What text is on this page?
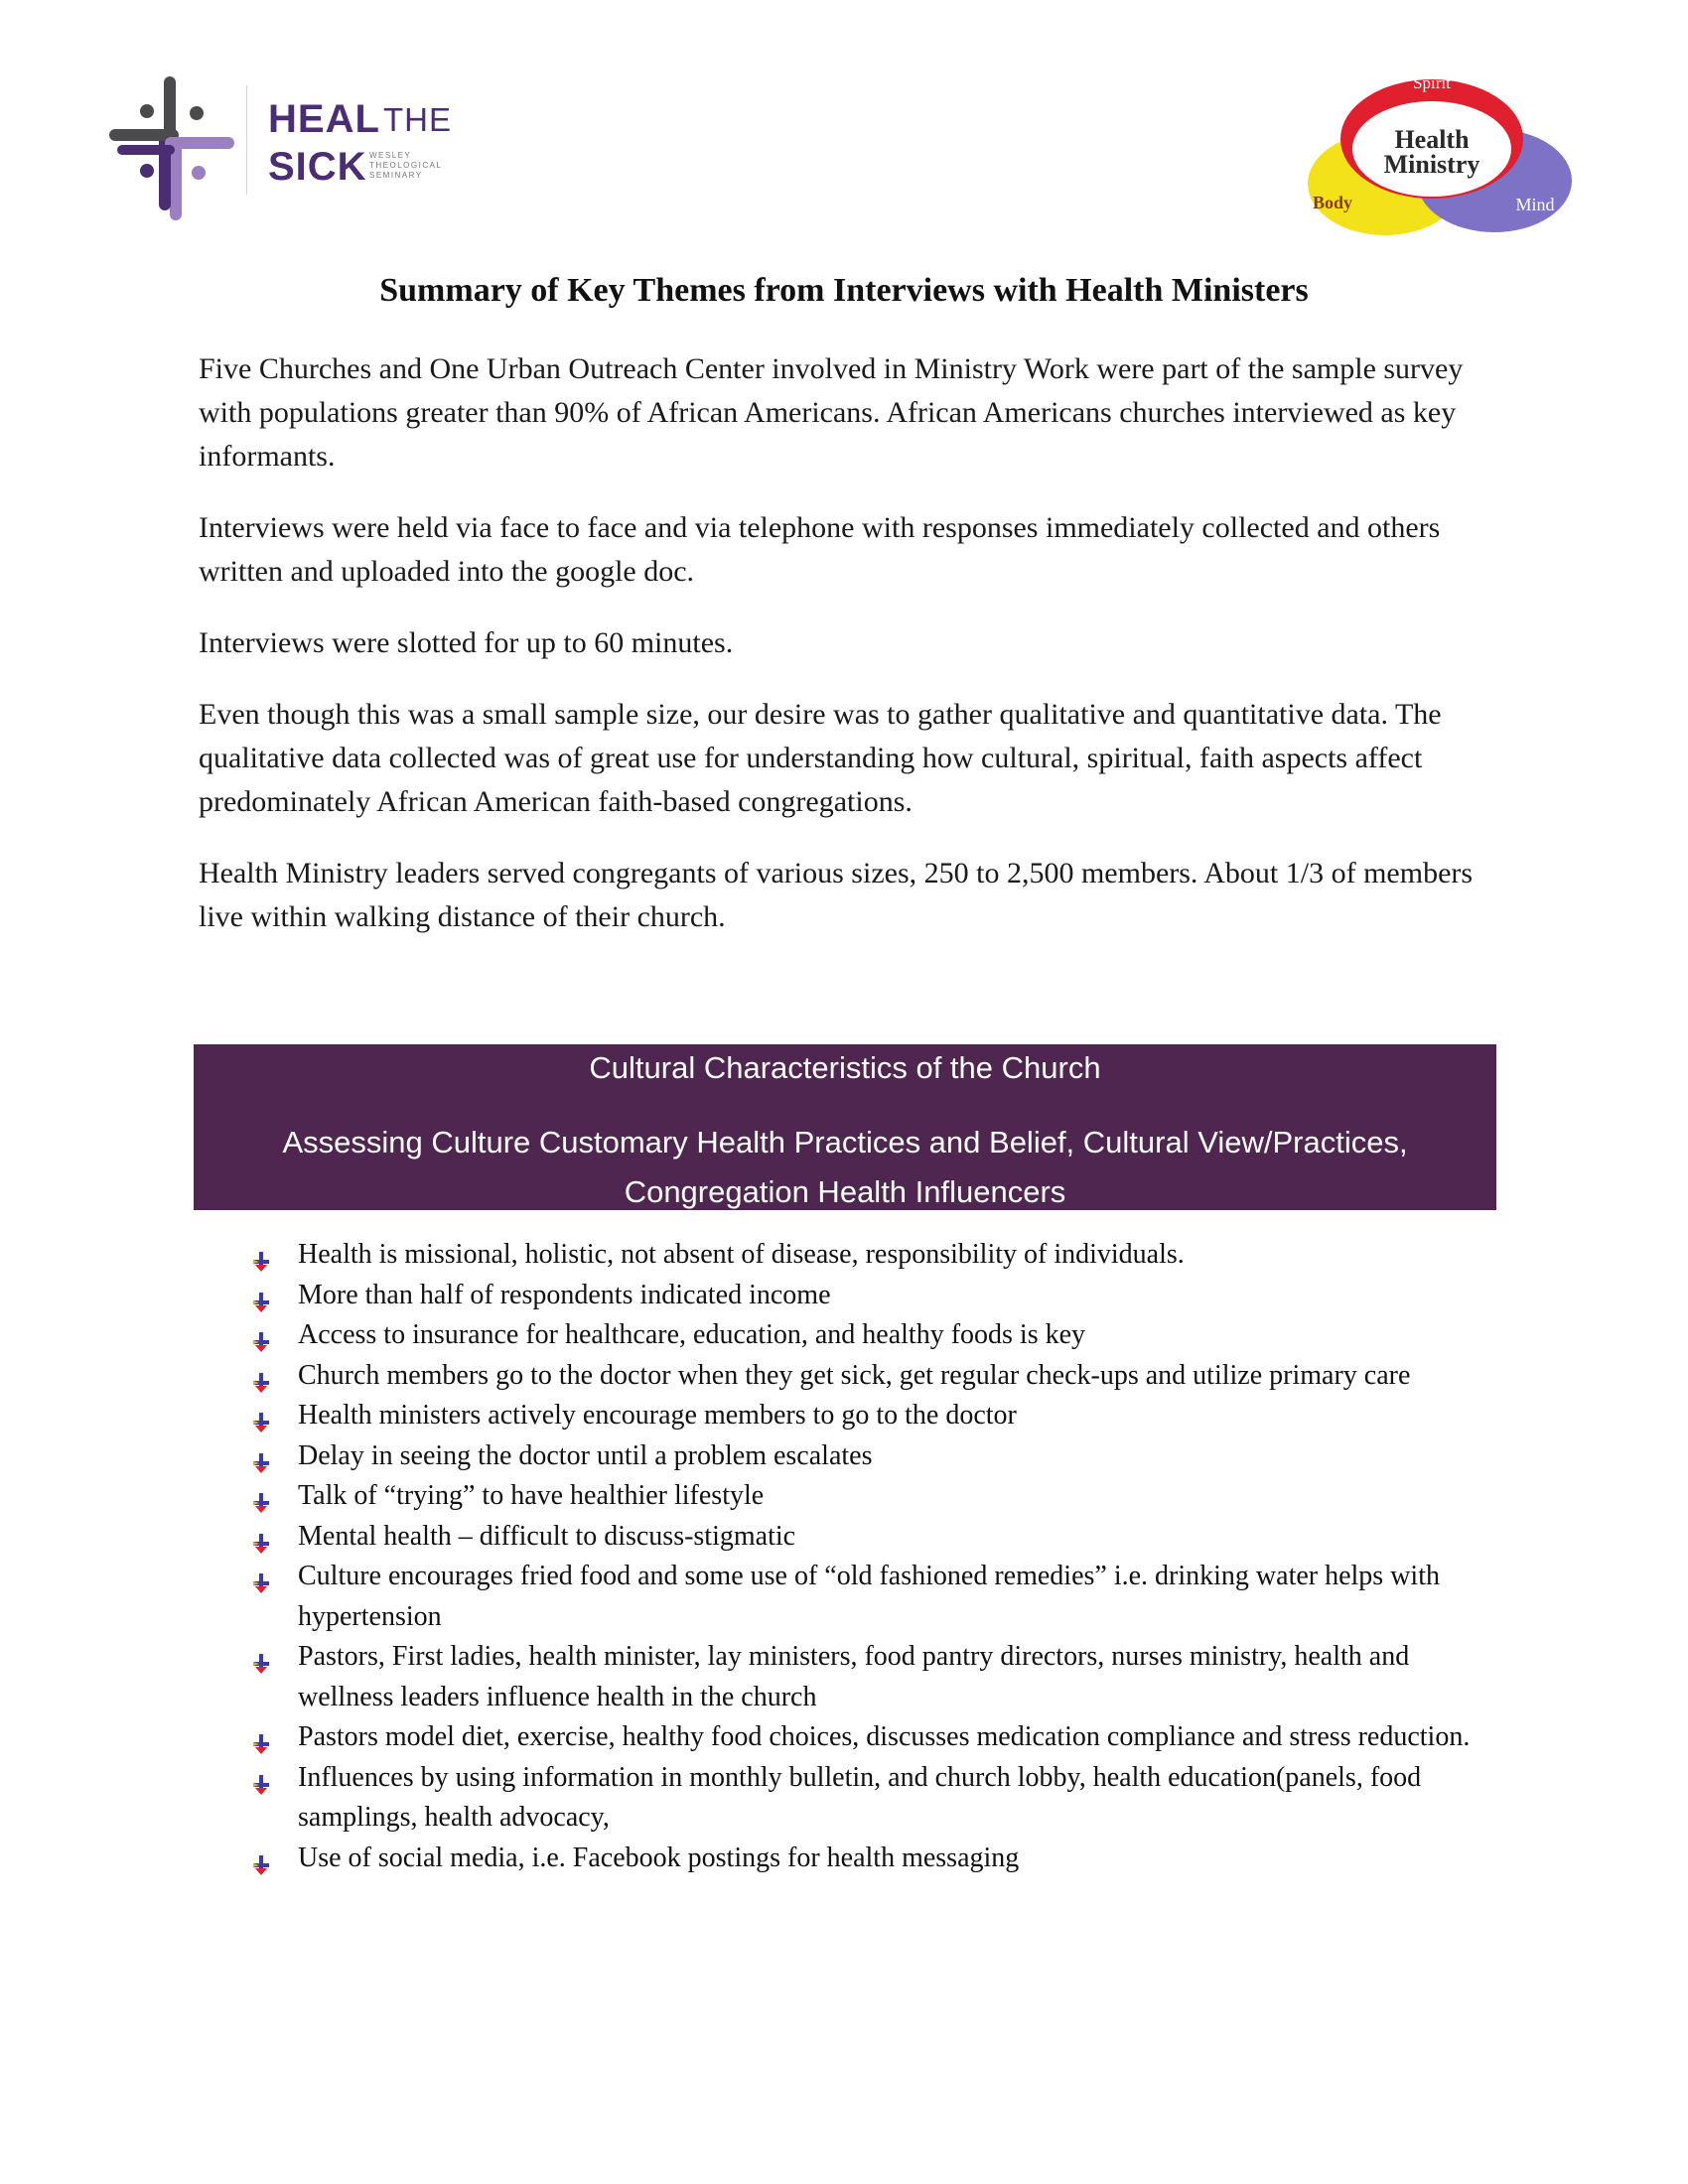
HEAL THE
SICK WESLEY THEOLOGICAL SEMINARY
Spirit
Health
Ministry
Body	Mind
Summary of Key Themes from Interviews with Health Ministers

Five Churches and One Urban Outreach Center involved in Ministry Work were part of the sample survey with populations greater than 90% of African Americans. African Americans churches interviewed as key informants.

Interviews were held via face to face and via telephone with responses immediately collected and others written and uploaded into the google doc.

Interviews were slotted for up to 60 minutes.

Even though this was a small sample size, our desire was to gather qualitative and quantitative data. The qualitative data collected was of great use for understanding how cultural, spiritual, faith aspects affect predominately African American faith-based congregations.

Health Ministry leaders served congregants of various sizes, 250 to 2,500 members. About 1/3 of members live within walking distance of their church.

Cultural Characteristics of the Church
Assessing Culture Customary Health Practices and Belief, Cultural View/Practices, Congregation Health Influencers
Health is missional, holistic, not absent of disease, responsibility of individuals.
More than half of respondents indicated income
Access to insurance for healthcare, education, and healthy foods is key
Church members go to the doctor when they get sick, get regular check-ups and utilize primary care
Health ministers actively encourage members to go to the doctor
Delay in seeing the doctor until a problem escalates
Talk of “trying” to have healthier lifestyle
Mental health – difficult to discuss-stigmatic
Culture encourages fried food and some use of “old fashioned remedies” i.e. drinking water helps with hypertension
Pastors, First ladies, health minister, lay ministers, food pantry directors, nurses ministry, health and wellness leaders influence health in the church
Pastors model diet, exercise, healthy food choices, discusses medication compliance and stress reduction.
Influences by using information in monthly bulletin, and church lobby, health education(panels, food samplings, health advocacy,
Use of social media, i.e. Facebook postings for health messaging
